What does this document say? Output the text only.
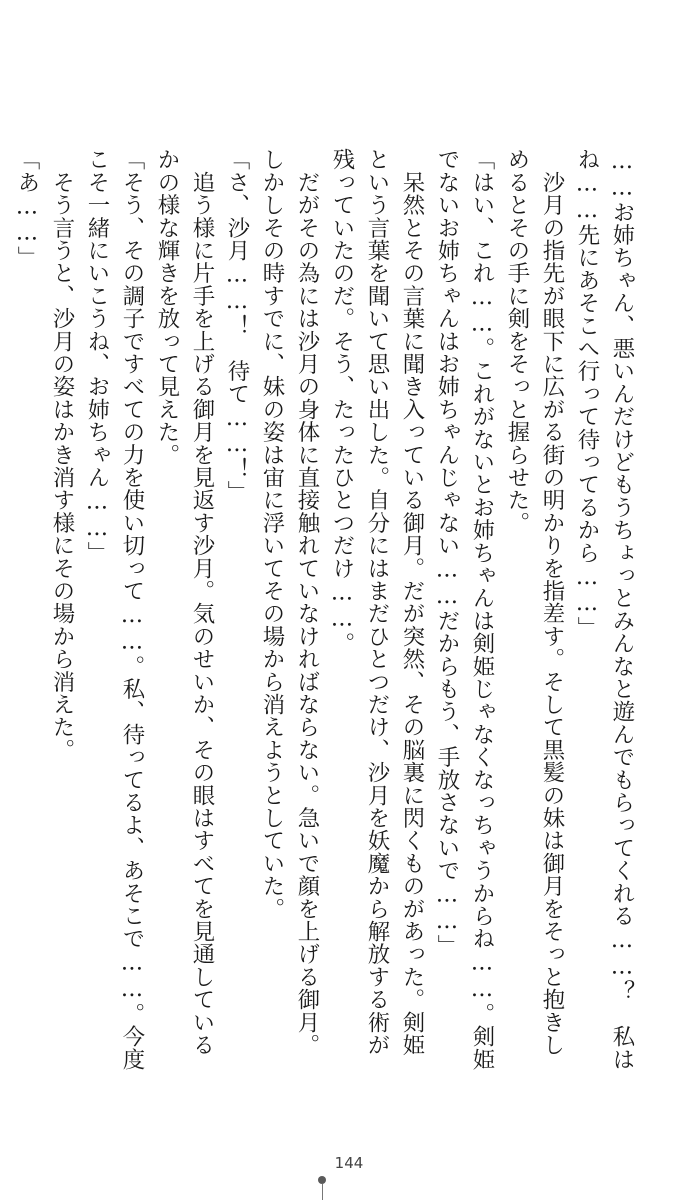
……お姉ちゃん、悪いんだけどもうちょっとみんなと遊んでもらってくれる……？　私は
ね……先にあそこへ行って待ってるから……」
　沙月の指先が眼下に広がる街の明かりを指差す。そして黒髪の妹は御月をそっと抱きし
めるとその手に剣をそっと握らせた。
「はい、これ……。これがないとお姉ちゃんは剣姫じゃなくなっちゃうからね……。剣姫
でないお姉ちゃんはお姉ちゃんじゃない……だからもう、手放さないで……」
　呆然とその言葉に聞き入っている御月。だが突然、その脳裏に閃くものがあった。剣姫
という言葉を聞いて思い出した。自分にはまだひとつだけ、沙月を妖魔から解放する術が
残っていたのだ。そう、たったひとつだけ……。
　だがその為には沙月の身体に直接触れていなければならない。急いで顔を上げる御月。
しかしその時すでに、妹の姿は宙に浮いてその場から消えようとしていた。
「さ、沙月……！　待て……！」
　追う様に片手を上げる御月を見返す沙月。気のせいか、その眼はすべてを見通している
かの様な輝きを放って見えた。
「そう、その調子ですべての力を使い切って……。私、待ってるよ、あそこで……。今度
こそ一緒にいこうね、お姉ちゃん……」
　そう言うと、沙月の姿はかき消す様にその場から消えた。
「あ……」
144
